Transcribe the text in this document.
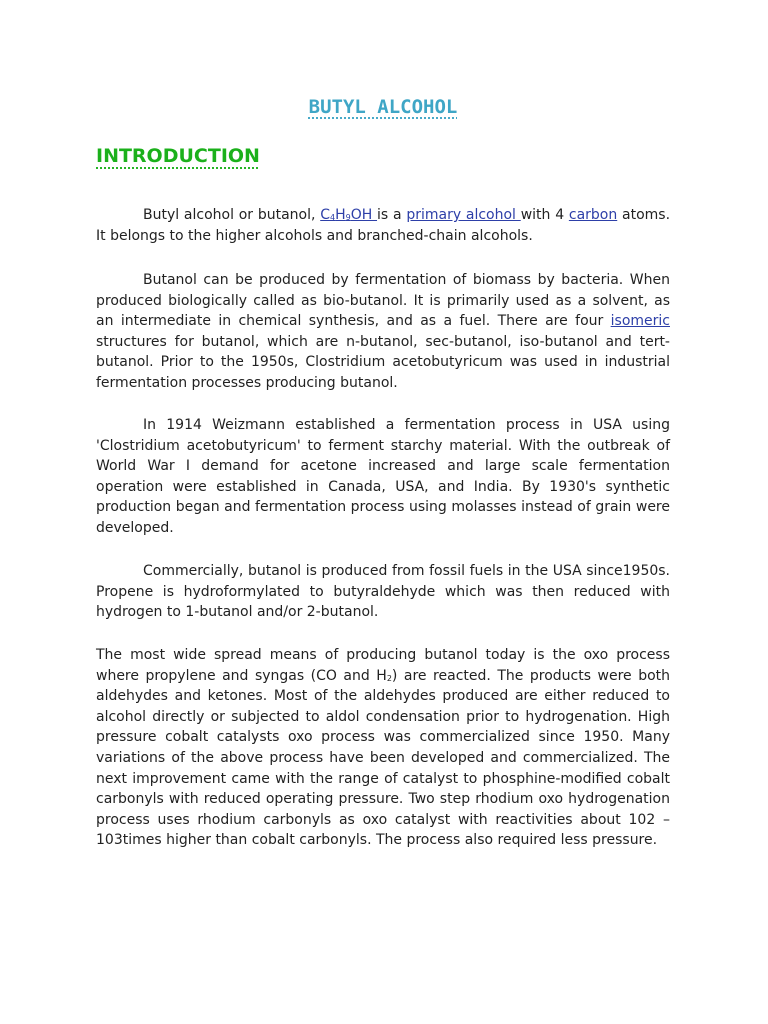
BUTYL ALCOHOL
INTRODUCTION

Butyl alcohol or butanol, $C_4H_9OH$ is a primary alcohol with 4 carbon atoms. It belongs to the higher alcohols and branched-chain alcohols.

Butanol can be produced by fermentation of biomass by bacteria. When produced biologically called as bio-butanol. It is primarily used as a solvent, as an intermediate in chemical synthesis, and as a fuel. There are four isomeric structures for butanol, which are n-butanol, sec-butanol, iso-butanol and tert-butanol. Prior to the 1950s, Clostridium acetobutyricum was used in industrial fermentation processes producing butanol.

In 1914 Weizmann established a fermentation process in USA using 'Clostridium acetobutyricum' to ferment starchy material. With the outbreak of World War I demand for acetone increased and large scale fermentation operation were established in Canada, USA, and India. By 1930's synthetic production began and fermentation process using molasses instead of grain were developed.

Commercially, butanol is produced from fossil fuels in the USA since1950s. Propene is hydroformylated to butyraldehyde which was then reduced with hydrogen to 1-butanol and/or 2-butanol.

The most wide spread means of producing butanol today is the oxo process where propylene and syngas (CO and $H_2$) are reacted. The products were both aldehydes and ketones. Most of the aldehydes produced are either reduced to alcohol directly or subjected to aldol condensation prior to hydrogenation. High pressure cobalt catalysts oxo process was commercialized since 1950. Many variations of the above process have been developed and commercialized. The next improvement came with the range of catalyst to phosphine-modified cobalt carbonyls with reduced operating pressure. Two step rhodium oxo hydrogenation process uses rhodium carbonyls as oxo catalyst with reactivities about 102 – 103times higher than cobalt carbonyls. The process also required less pressure.
